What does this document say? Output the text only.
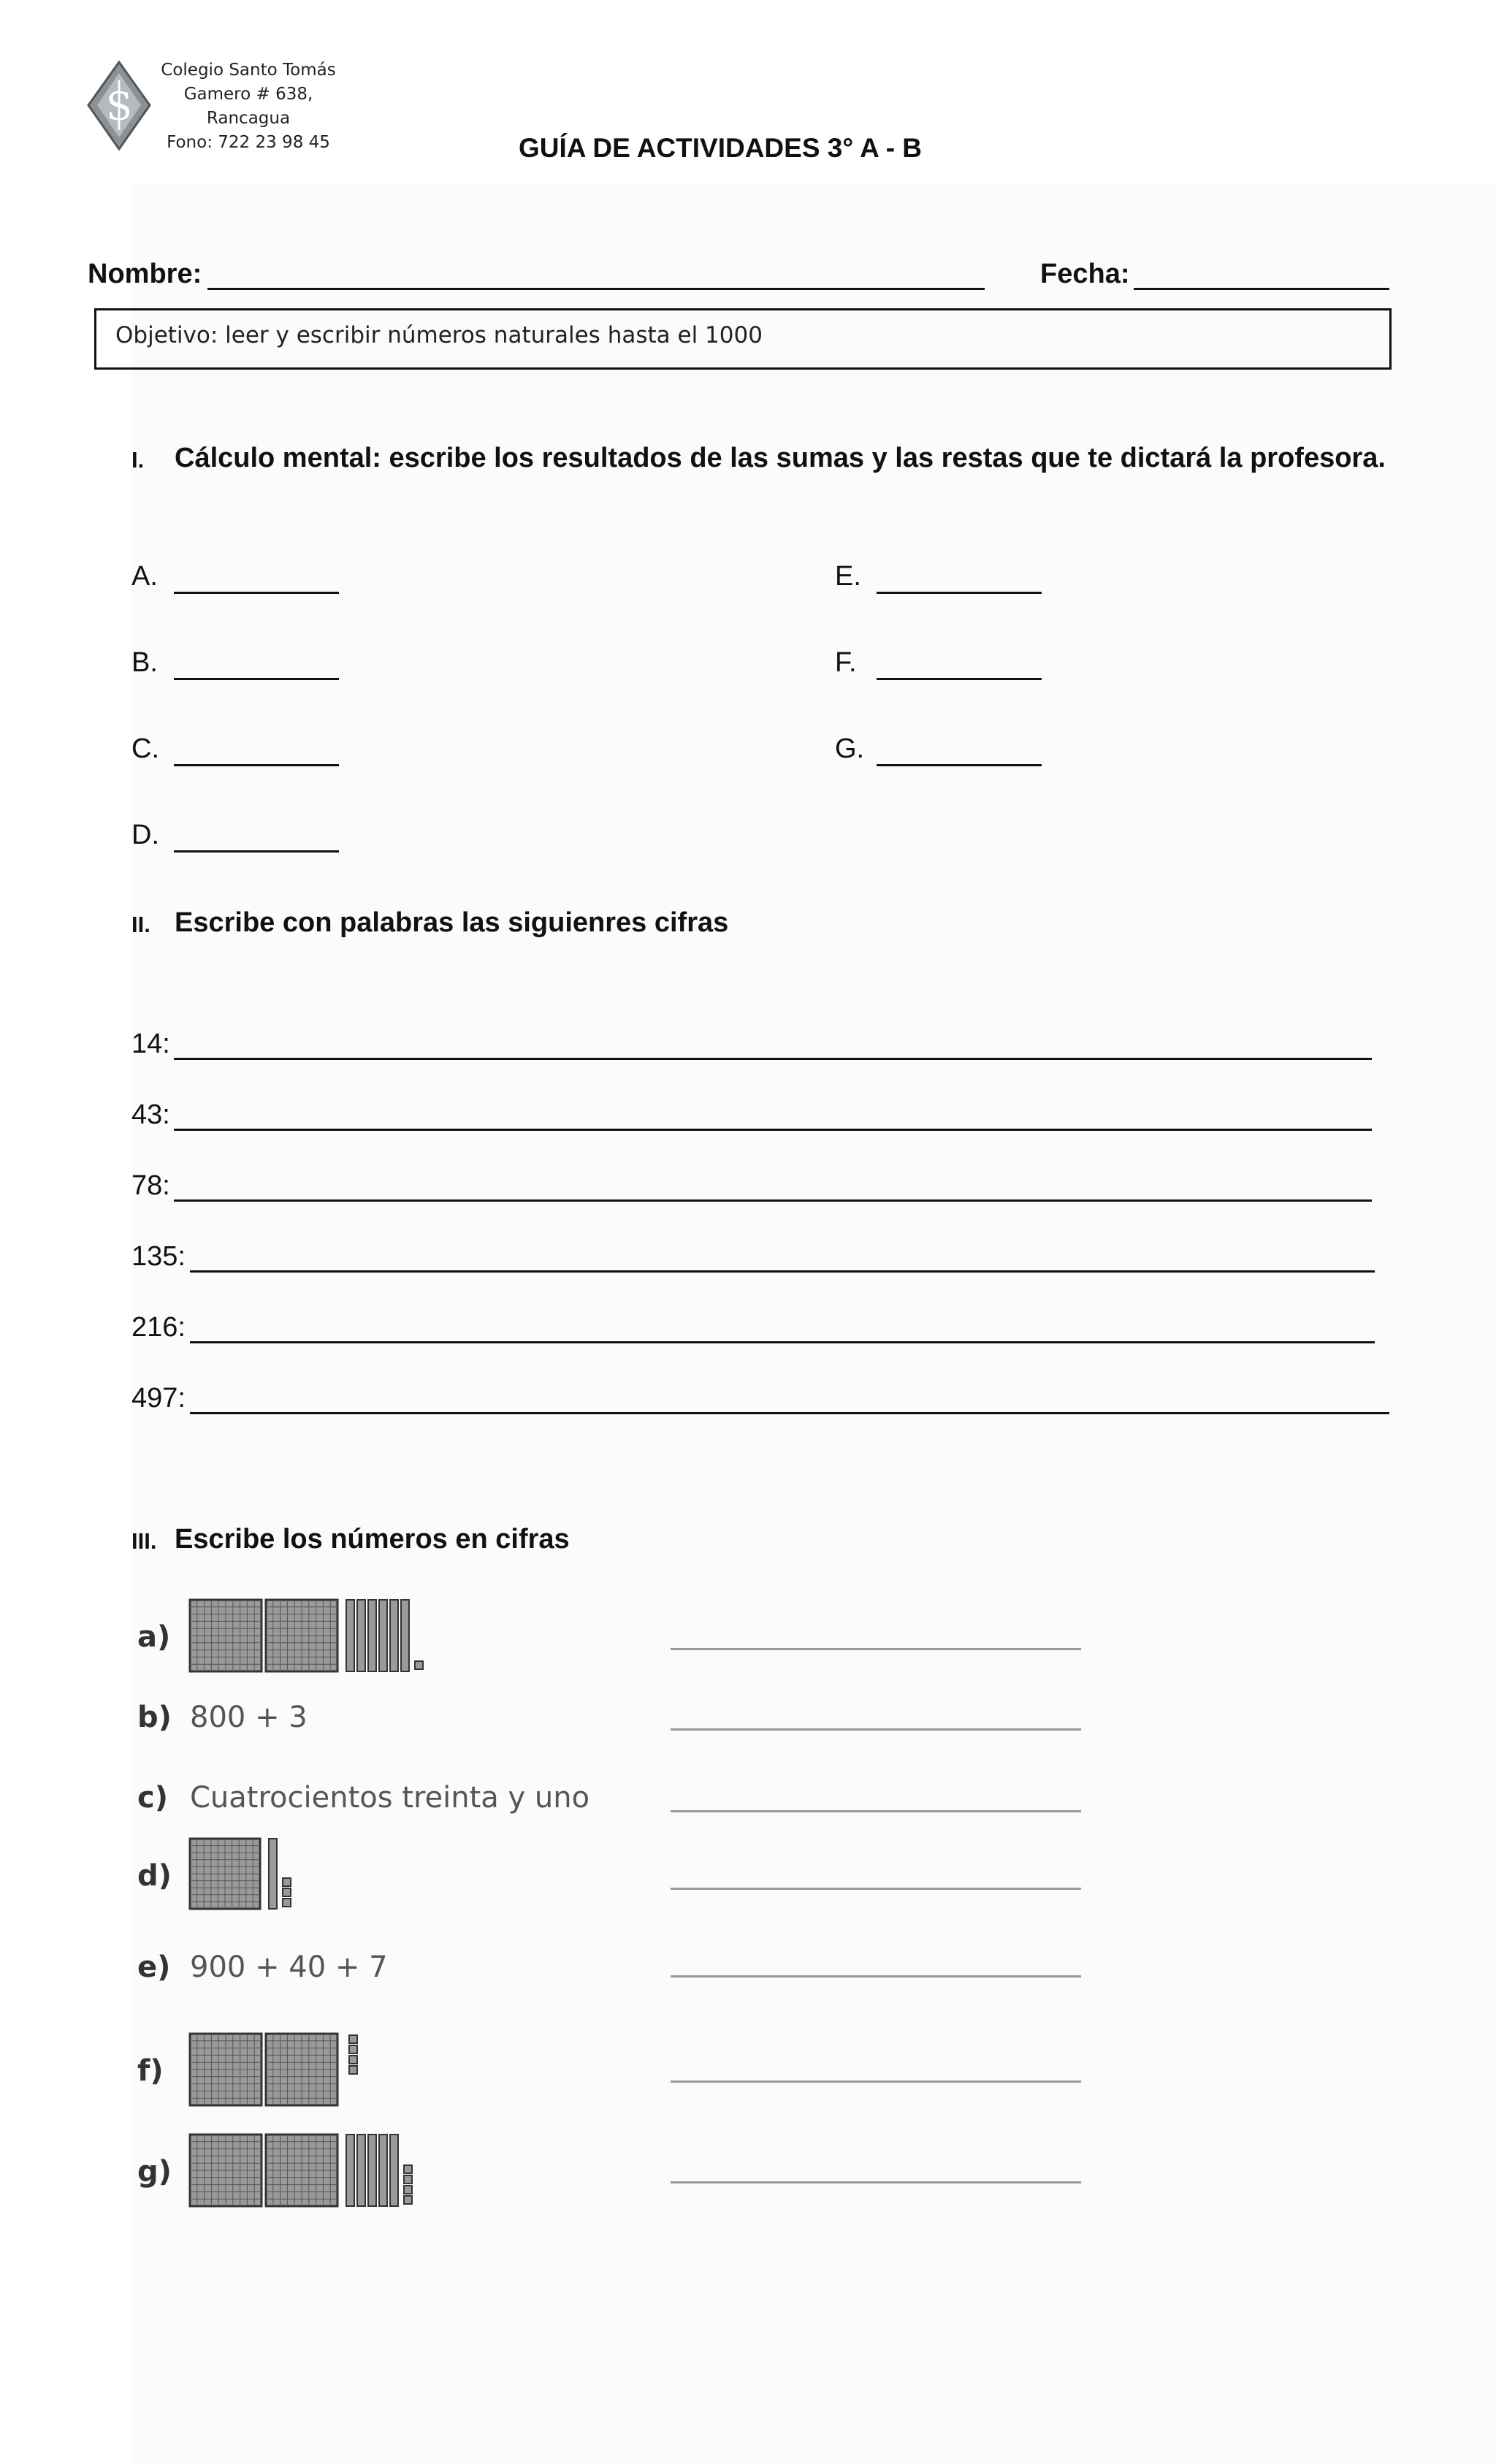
S
Colegio Santo Tomás
Gamero # 638,
Rancagua
Fono: 722 23 98 45	GUÍA DE ACTIVIDADES 3° A - B
Nombre:	Fecha:
Objetivo: leer y escribir números naturales hasta el 1000
I. Cálculo mental: escribe los resultados de las sumas y las restas que te dictará la profesora.
A.
B.
C.
D.
E.
F.
G.
II. Escribe con palabras las siguienres cifras
14:
43:
78:
135:
216:
497:
III. Escribe los números en cifras
a)
b) 800 + 3
c) Cuatrocientos treinta y uno
d)
e) 900 + 40 + 7
f)
g)
